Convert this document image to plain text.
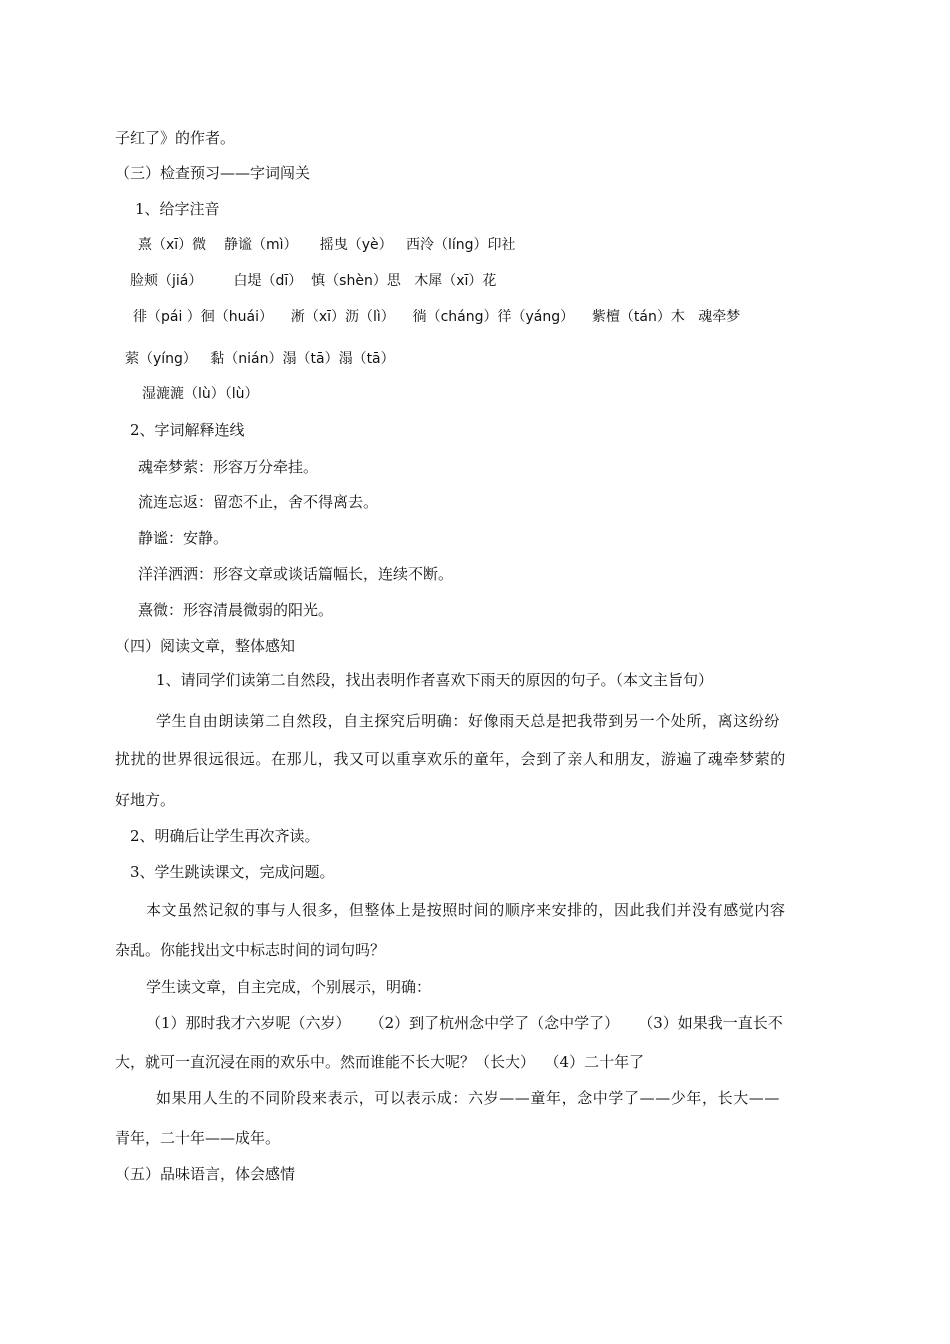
子红了》的作者。
（三）检查预习——字词闯关
1、给字注音
熹（xī）微    静谧（mì）     摇曳（yè）   西泠（líng）印社
脸颊（jiá）       白堤（dī）  慎（shèn）思   木犀（xī）花
徘（pái ）徊（huái）    淅（xī）沥（lì）    徜（cháng）徉（yáng）    紫檀（tán）木   魂牵梦
萦（yíng）   黏（nián）溻（tā）溻（tā）
湿漉漉（lù）（lù）
2、字词解释连线
魂牵梦萦：形容万分牵挂。
流连忘返：留恋不止，舍不得离去。
静谧：安静。
洋洋洒洒：形容文章或谈话篇幅长，连续不断。
熹微：形容清晨微弱的阳光。
（四）阅读文章，整体感知
1、请同学们读第二自然段，找出表明作者喜欢下雨天的原因的句子。（本文主旨句）
学生自由朗读第二自然段，自主探究后明确：好像雨天总是把我带到另一个处所，离这纷纷
扰扰的世界很远很远。在那儿，我又可以重享欢乐的童年，会到了亲人和朋友，游遍了魂牵梦萦的
好地方。
2、明确后让学生再次齐读。
3、学生跳读课文，完成问题。
本文虽然记叙的事与人很多，但整体上是按照时间的顺序来安排的，因此我们并没有感觉内容
杂乱。你能找出文中标志时间的词句吗？
学生读文章，自主完成，个别展示，明确：
（1）那时我才六岁呢（六岁）    （2）到了杭州念中学了（念中学了）    （3）如果我一直长不
大，就可一直沉浸在雨的欢乐中。然而谁能不长大呢？（长大）  （4）二十年了
如果用人生的不同阶段来表示，可以表示成：六岁——童年，念中学了——少年，长大——
青年，二十年——成年。
（五）品味语言，体会感情
